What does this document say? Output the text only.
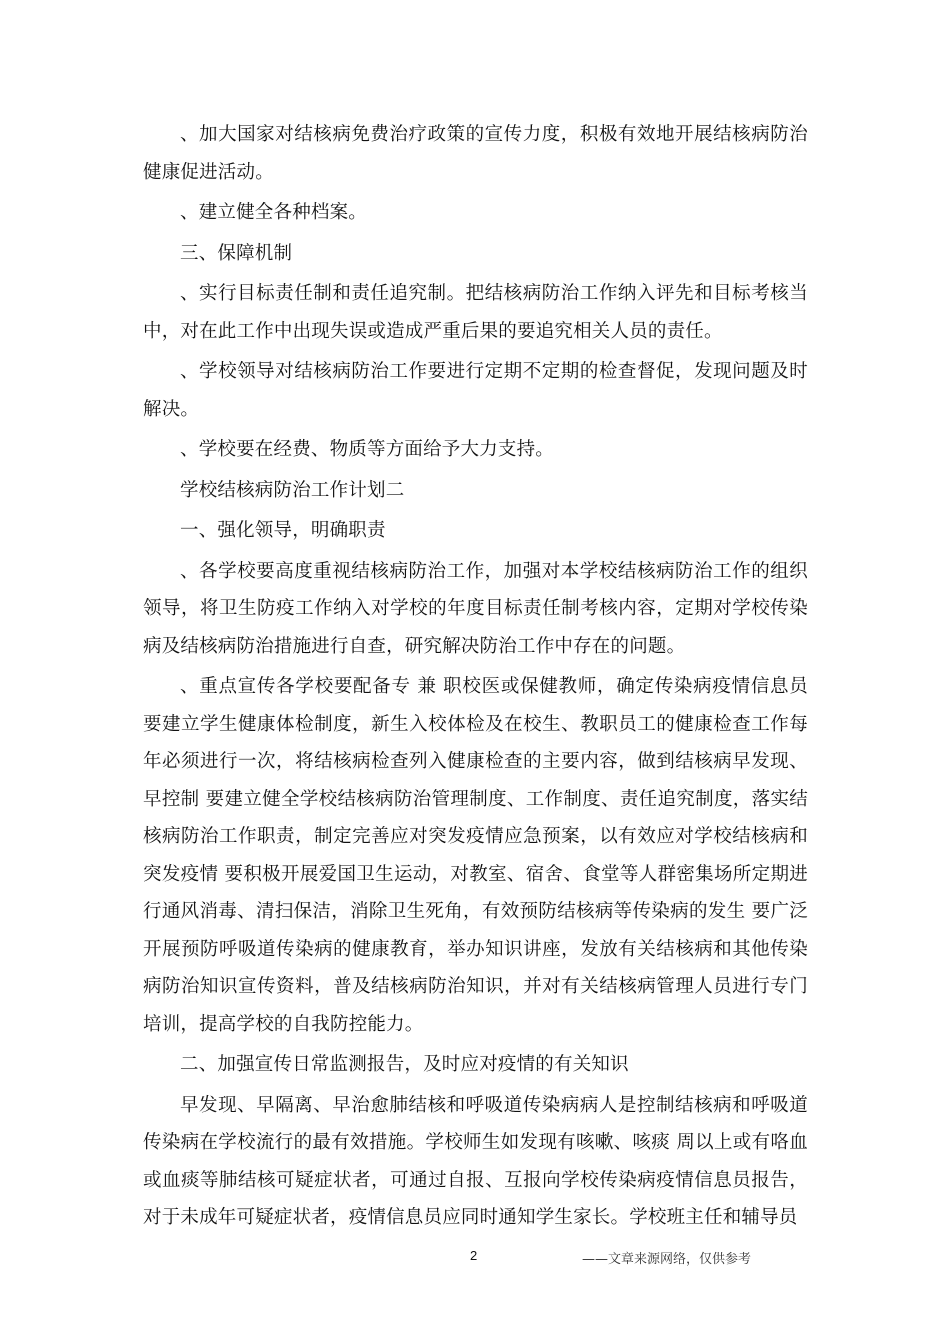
、加大国家对结核病免费治疗政策的宣传力度，积极有效地开展结核病防治健康促进活动。

、建立健全各种档案。

三、保障机制

、实行目标责任制和责任追究制。把结核病防治工作纳入评先和目标考核当中，对在此工作中出现失误或造成严重后果的要追究相关人员的责任。

、学校领导对结核病防治工作要进行定期不定期的检查督促，发现问题及时解决。

、学校要在经费、物质等方面给予大力支持。

学校结核病防治工作计划二

一、强化领导，明确职责

、各学校要高度重视结核病防治工作，加强对本学校结核病防治工作的组织领导，将卫生防疫工作纳入对学校的年度目标责任制考核内容，定期对学校传染病及结核病防治措施进行自查，研究解决防治工作中存在的问题。

、重点宣传各学校要配备专 兼 职校医或保健教师，确定传染病疫情信息员 要建立学生健康体检制度，新生入校体检及在校生、教职员工的健康检查工作每年必须进行一次，将结核病检查列入健康检查的主要内容，做到结核病早发现、早控制 要建立健全学校结核病防治管理制度、工作制度、责任追究制度，落实结核病防治工作职责，制定完善应对突发疫情应急预案，以有效应对学校结核病和突发疫情 要积极开展爱国卫生运动，对教室、宿舍、食堂等人群密集场所定期进行通风消毒、清扫保洁，消除卫生死角，有效预防结核病等传染病的发生 要广泛开展预防呼吸道传染病的健康教育，举办知识讲座，发放有关结核病和其他传染病防治知识宣传资料，普及结核病防治知识，并对有关结核病管理人员进行专门培训，提高学校的自我防控能力。

二、加强宣传日常监测报告，及时应对疫情的有关知识

早发现、早隔离、早治愈肺结核和呼吸道传染病病人是控制结核病和呼吸道传染病在学校流行的最有效措施。学校师生如发现有咳嗽、咳痰 周以上或有咯血或血痰等肺结核可疑症状者，可通过自报、互报向学校传染病疫情信息员报告，对于未成年可疑症状者，疫情信息员应同时通知学生家长。学校班主任和辅导员

2	——文章来源网络，仅供参考
